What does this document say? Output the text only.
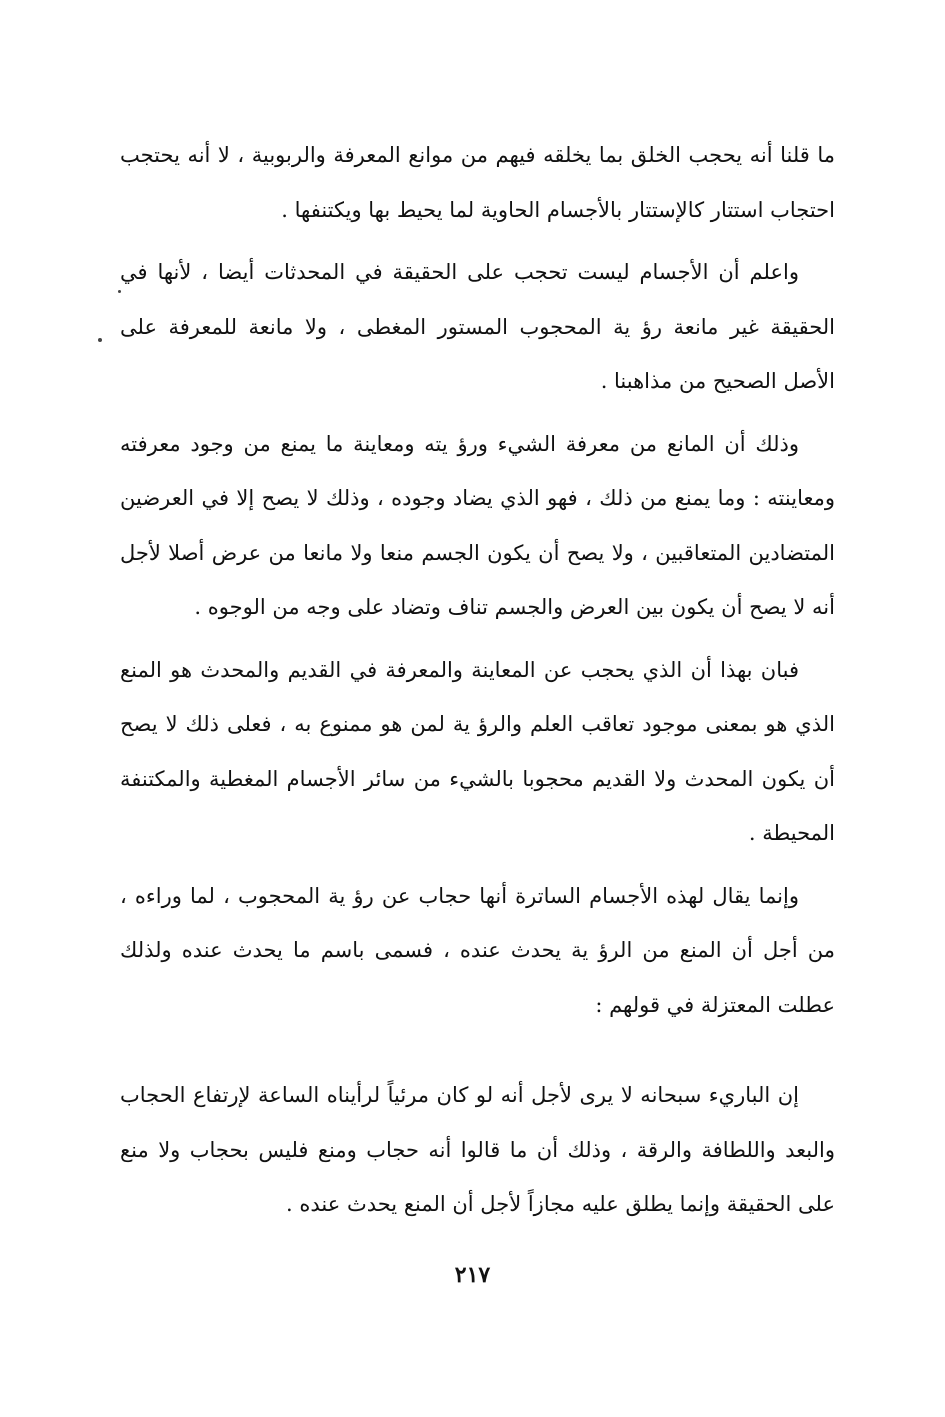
ما قلنا أنه يحجب الخلق بما يخلقه فيهم من موانع المعرفة والربوبية ، لا أنه يحتجب احتجاب استتار كالإستتار بالأجسام الحاوية لما يحيط بها ويكتنفها .

واعلم أن الأجسام ليست تحجب على الحقيقة في المحدثات أيضا ، لأنها في الحقيقة غير مانعة رؤ ية المحجوب المستور المغطى ، ولا مانعة للمعرفة على الأصل الصحيح من مذاهبنا .

وذلك أن المانع من معرفة الشيء ورؤ يته ومعاينة ما يمنع من وجود معرفته ومعاينته : وما يمنع من ذلك ، فهو الذي يضاد وجوده ، وذلك لا يصح إلا في العرضين المتضادين المتعاقبين ، ولا يصح أن يكون الجسم منعا ولا مانعا من عرض أصلا لأجل أنه لا يصح أن يكون بين العرض والجسم تناف وتضاد على وجه من الوجوه .

فبان بهذا أن الذي يحجب عن المعاينة والمعرفة في القديم والمحدث هو المنع الذي هو بمعنى موجود تعاقب العلم والرؤ ية لمن هو ممنوع به ، فعلى ذلك لا يصح أن يكون المحدث ولا القديم محجوبا بالشيء من سائر الأجسام المغطية والمكتنفة المحيطة .

وإنما يقال لهذه الأجسام الساترة أنها حجاب عن رؤ ية المحجوب ، لما وراءه ، من أجل أن المنع من الرؤ ية يحدث عنده ، فسمى باسم ما يحدث عنده ولذلك عطلت المعتزلة في قولهم :

إن الباريء سبحانه لا يرى لأجل أنه لو كان مرئياً لرأيناه الساعة لإرتفاع الحجاب والبعد واللطافة والرقة ، وذلك أن ما قالوا أنه حجاب ومنع فليس بحجاب ولا منع على الحقيقة وإنما يطلق عليه مجازاً لأجل أن المنع يحدث عنده .

٢١٧
